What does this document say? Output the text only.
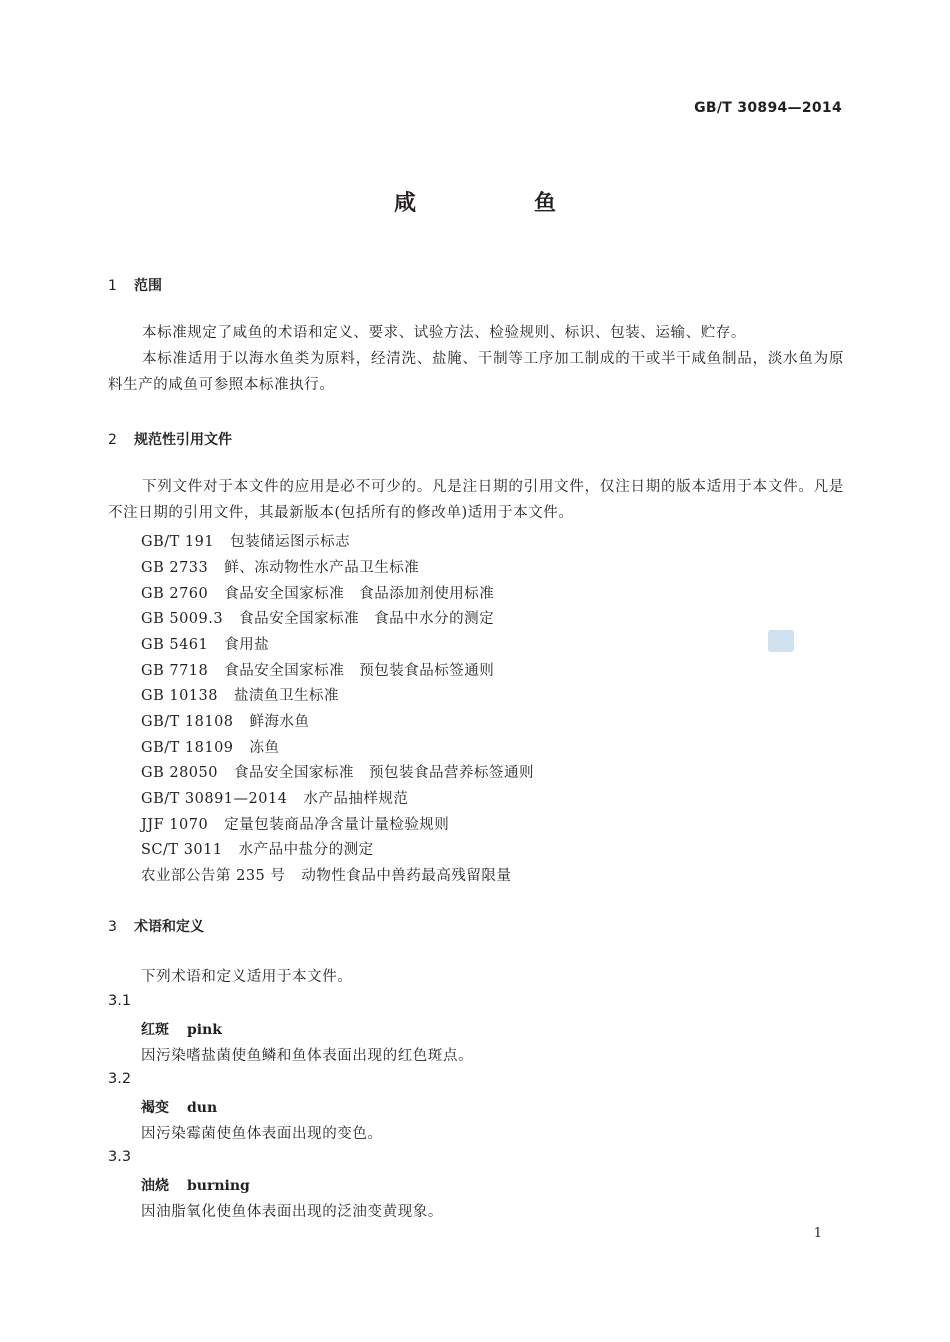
GB/T 30894—2014
咸　鱼
1 范围
本标准规定了咸鱼的术语和定义、要求、试验方法、检验规则、标识、包装、运输、贮存。
本标准适用于以海水鱼类为原料，经清洗、盐腌、干制等工序加工制成的干或半干咸鱼制品，淡水鱼为原料生产的咸鱼可参照本标准执行。
2 规范性引用文件
下列文件对于本文件的应用是必不可少的。凡是注日期的引用文件，仅注日期的版本适用于本文件。凡是不注日期的引用文件，其最新版本(包括所有的修改单)适用于本文件。
GB/T 191 包装储运图示标志
GB 2733 鲜、冻动物性水产品卫生标准
GB 2760 食品安全国家标准　食品添加剂使用标准
GB 5009.3 食品安全国家标准　食品中水分的测定
GB 5461 食用盐
GB 7718 食品安全国家标准　预包装食品标签通则
GB 10138 盐渍鱼卫生标准
GB/T 18108 鲜海水鱼
GB/T 18109 冻鱼
GB 28050 食品安全国家标准　预包装食品营养标签通则
GB/T 30891—2014 水产品抽样规范
JJF 1070 定量包装商品净含量计量检验规则
SC/T 3011 水产品中盐分的测定
农业部公告第 235 号 动物性食品中兽药最高残留限量
3 术语和定义
下列术语和定义适用于本文件。
3.1
红斑 pink
因污染嗜盐菌使鱼鳞和鱼体表面出现的红色斑点。
3.2
褐变 dun
因污染霉菌使鱼体表面出现的变色。
3.3
油烧 burning
因油脂氧化使鱼体表面出现的泛油变黄现象。
1
